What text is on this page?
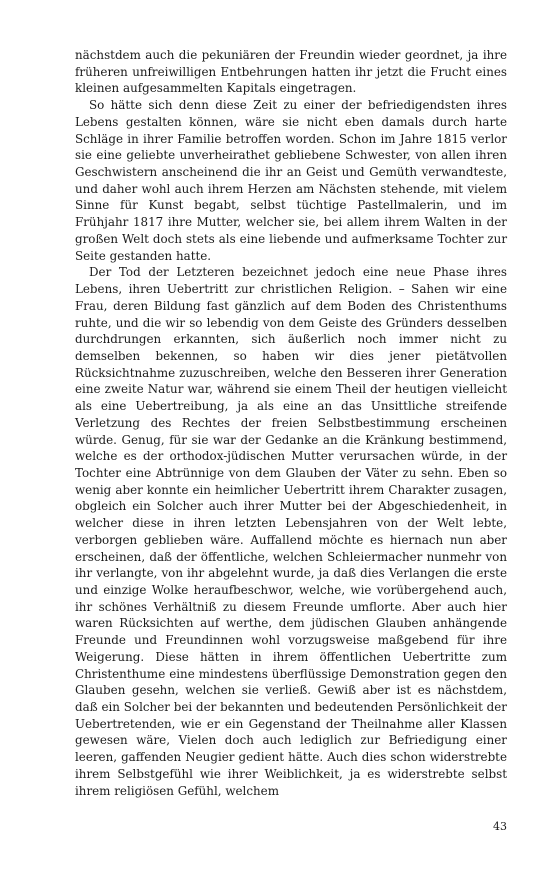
nächstdem auch die pekuniären der Freundin wieder geordnet, ja ihre früheren unfreiwilligen Entbehrungen hatten ihr jetzt die Frucht eines kleinen aufgesammelten Kapitals eingetragen.

So hätte sich denn diese Zeit zu einer der befriedigendsten ihres Lebens gestalten können, wäre sie nicht eben damals durch harte Schläge in ihrer Familie betroffen worden. Schon im Jahre 1815 verlor sie eine geliebte unverheirathet gebliebene Schwester, von allen ihren Geschwistern anscheinend die ihr an Geist und Gemüth verwandteste, und daher wohl auch ihrem Herzen am Nächsten stehende, mit vielem Sinne für Kunst begabt, selbst tüchtige Pastellmalerin, und im Frühjahr 1817 ihre Mutter, welcher sie, bei allem ihrem Walten in der großen Welt doch stets als eine liebende und aufmerksame Tochter zur Seite gestanden hatte.

Der Tod der Letzteren bezeichnet jedoch eine neue Phase ihres Lebens, ihren Uebertritt zur christlichen Religion. – Sahen wir eine Frau, deren Bildung fast gänzlich auf dem Boden des Christenthums ruhte, und die wir so lebendig von dem Geiste des Gründers desselben durchdrungen erkannten, sich äußerlich noch immer nicht zu demselben bekennen, so haben wir dies jener pietätvollen Rücksichtnahme zuzuschreiben, welche den Besseren ihrer Generation eine zweite Natur war, während sie einem Theil der heutigen vielleicht als eine Uebertreibung, ja als eine an das Unsittliche streifende Verletzung des Rechtes der freien Selbstbestimmung erscheinen würde. Genug, für sie war der Gedanke an die Kränkung bestimmend, welche es der orthodox-jüdischen Mutter verursachen würde, in der Tochter eine Abtrünnige von dem Glauben der Väter zu sehn. Eben so wenig aber konnte ein heimlicher Uebertritt ihrem Charakter zusagen, obgleich ein Solcher auch ihrer Mutter bei der Abgeschiedenheit, in welcher diese in ihren letzten Lebensjahren von der Welt lebte, verborgen geblieben wäre. Auffallend möchte es hiernach nun aber erscheinen, daß der öffentliche, welchen Schleiermacher nunmehr von ihr verlangte, von ihr abgelehnt wurde, ja daß dies Verlangen die erste und einzige Wolke heraufbeschwor, welche, wie vorübergehend auch, ihr schönes Verhältniß zu diesem Freunde umflorte. Aber auch hier waren Rücksichten auf werthe, dem jüdischen Glauben anhängende Freunde und Freundinnen wohl vorzugsweise maßgebend für ihre Weigerung. Diese hätten in ihrem öffentlichen Uebertritte zum Christenthume eine mindestens überflüssige Demonstration gegen den Glauben gesehn, welchen sie verließ. Gewiß aber ist es nächstdem, daß ein Solcher bei der bekannten und bedeutenden Persönlichkeit der Uebertretenden, wie er ein Gegenstand der Theilnahme aller Klassen gewesen wäre, Vielen doch auch lediglich zur Befriedigung einer leeren, gaffenden Neugier gedient hätte. Auch dies schon widerstrebte ihrem Selbstgefühl wie ihrer Weiblichkeit, ja es widerstrebte selbst ihrem religiösen Gefühl, welchem

43
